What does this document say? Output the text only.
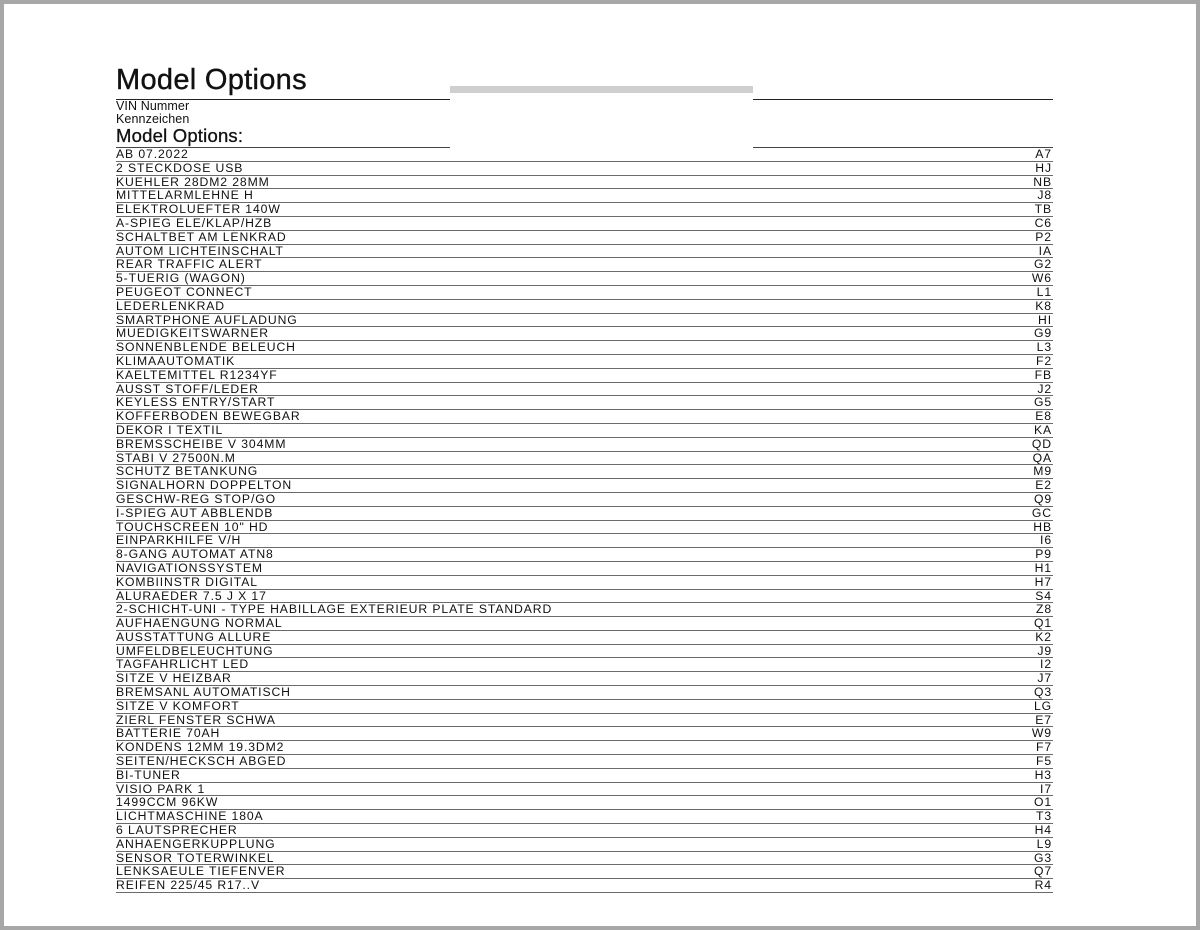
Model Options
VIN Nummer
Kennzeichen
Model Options:
AB 07.2022	A7
2 STECKDOSE USB	HJ
KUEHLER 28DM2 28MM	NB
MITTELARMLEHNE H	J8
ELEKTROLUEFTER 140W	TB
A-SPIEG ELE/KLAP/HZB	C6
SCHALTBET AM LENKRAD	P2
AUTOM LICHTEINSCHALT	IA
REAR TRAFFIC ALERT	G2
5-TUERIG (WAGON)	W6
PEUGEOT CONNECT	L1
LEDERLENKRAD	K8
SMARTPHONE AUFLADUNG	HI
MUEDIGKEITSWARNER	G9
SONNENBLENDE BELEUCH	L3
KLIMAAUTOMATIK	F2
KAELTEMITTEL R1234YF	FB
AUSST STOFF/LEDER	J2
KEYLESS ENTRY/START	G5
KOFFERBODEN BEWEGBAR	E8
DEKOR I TEXTIL	KA
BREMSSCHEIBE V 304MM	QD
STABI V 27500N.M	QA
SCHUTZ BETANKUNG	M9
SIGNALHORN DOPPELTON	E2
GESCHW-REG STOP/GO	Q9
I-SPIEG AUT ABBLENDB	GC
TOUCHSCREEN 10" HD	HB
EINPARKHILFE V/H	I6
8-GANG AUTOMAT ATN8	P9
NAVIGATIONSSYSTEM	H1
KOMBIINSTR DIGITAL	H7
ALURAEDER 7.5 J X 17	S4
2-SCHICHT-UNI - TYPE HABILLAGE EXTERIEUR PLATE STANDARD	Z8
AUFHAENGUNG NORMAL	Q1
AUSSTATTUNG ALLURE	K2
UMFELDBELEUCHTUNG	J9
TAGFAHRLICHT LED	I2
SITZE V HEIZBAR	J7
BREMSANL AUTOMATISCH	Q3
SITZE V KOMFORT	LG
ZIERL FENSTER SCHWA	E7
BATTERIE 70AH	W9
KONDENS 12MM 19.3DM2	F7
SEITEN/HECKSCH ABGED	F5
BI-TUNER	H3
VISIO PARK 1	I7
1499CCM 96KW	O1
LICHTMASCHINE 180A	T3
6 LAUTSPRECHER	H4
ANHAENGERKUPPLUNG	L9
SENSOR TOTERWINKEL	G3
LENKSAEULE TIEFENVER	Q7
REIFEN 225/45 R17..V	R4
